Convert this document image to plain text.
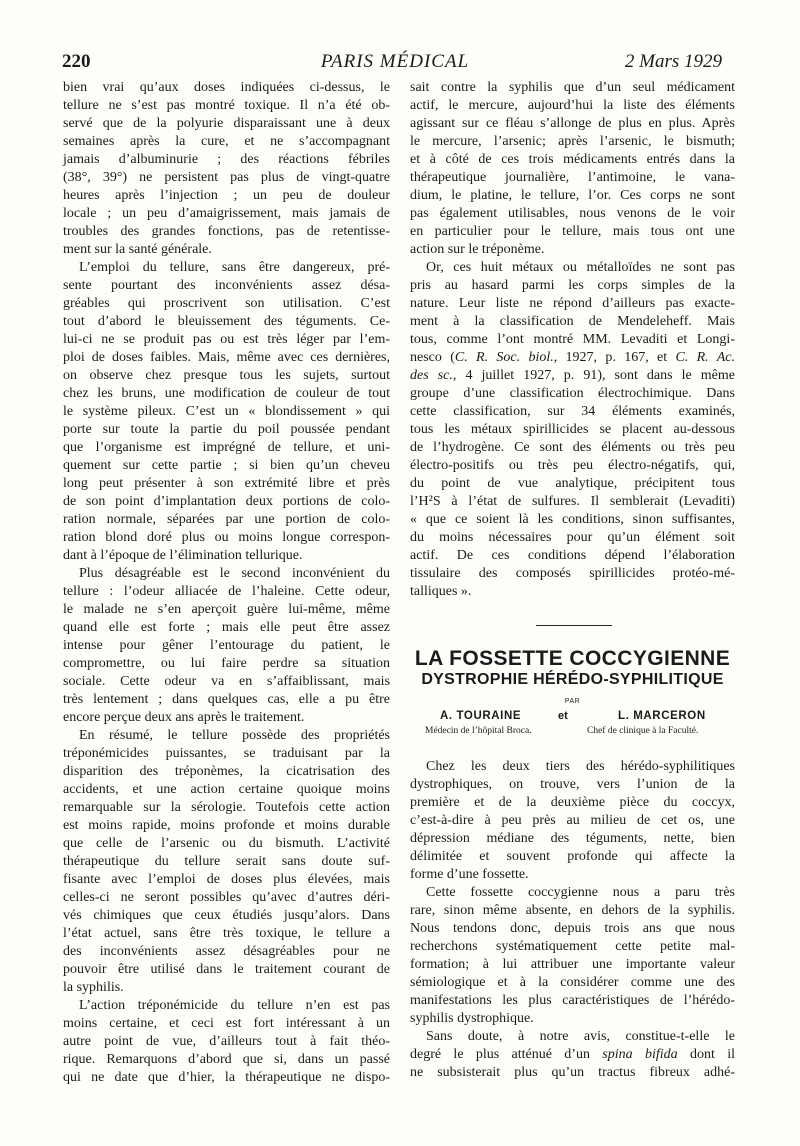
220	PARIS MÉDICAL	2 Mars 1929
bien vrai qu’aux doses indiquées ci-dessus, le
tellure ne s’est pas montré toxique. Il n’a été ob-
servé que de la polyurie disparaissant une à deux
semaines après la cure, et ne s’accompagnant
jamais d’albuminurie ; des réactions fébriles
(38°, 39°) ne persistent pas plus de vingt-quatre
heures après l’injection ; un peu de douleur
locale ; un peu d’amaigrissement, mais jamais de
troubles des grandes fonctions, pas de retentisse-
ment sur la santé générale.
L’emploi du tellure, sans être dangereux, pré-
sente pourtant des inconvénients assez désa-
gréables qui proscrivent son utilisation. C’est
tout d’abord le bleuissement des téguments. Ce-
lui-ci ne se produit pas ou est très léger par l’em-
ploi de doses faibles. Mais, même avec ces dernières,
on observe chez presque tous les sujets, surtout
chez les bruns, une modification de couleur de tout
le système pileux. C’est un « blondissement » qui
porte sur toute la partie du poil poussée pendant
que l’organisme est imprégné de tellure, et uni-
quement sur cette partie ; si bien qu’un cheveu
long peut présenter à son extrémité libre et près
de son point d’implantation deux portions de colo-
ration normale, séparées par une portion de colo-
ration blond doré plus ou moins longue correspon-
dant à l’époque de l’élimination tellurique.
Plus désagréable est le second inconvénient du
tellure : l’odeur alliacée de l’haleine. Cette odeur,
le malade ne s’en aperçoit guère lui-même, même
quand elle est forte ; mais elle peut être assez
intense pour gêner l’entourage du patient, le
compromettre, ou lui faire perdre sa situation
sociale. Cette odeur va en s’affaiblissant, mais
très lentement ; dans quelques cas, elle a pu être
encore perçue deux ans après le traitement.
En résumé, le tellure possède des propriétés
tréponémicides puissantes, se traduisant par la
disparition des tréponèmes, la cicatrisation des
accidents, et une action certaine quoique moins
remarquable sur la sérologie. Toutefois cette action
est moins rapide, moins profonde et moins durable
que celle de l’arsenic ou du bismuth. L’activité
thérapeutique du tellure serait sans doute suf-
fisante avec l’emploi de doses plus élevées, mais
celles-ci ne seront possibles qu’avec d’autres déri-
vés chimiques que ceux étudiés jusqu’alors. Dans
l’état actuel, sans être très toxique, le tellure a
des inconvénients assez désagréables pour ne
pouvoir être utilisé dans le traitement courant de
la syphilis.
L’action tréponémicide du tellure n’en est pas
moins certaine, et ceci est fort intéressant à un
autre point de vue, d’ailleurs tout à fait théo-
rique. Remarquons d’abord que si, dans un passé
qui ne date que d’hier, la thérapeutique ne dispo-
sait contre la syphilis que d’un seul médicament
actif, le mercure, aujourd’hui la liste des éléments
agissant sur ce fléau s’allonge de plus en plus. Après
le mercure, l’arsenic; après l’arsenic, le bismuth;
et à côté de ces trois médicaments entrés dans la
thérapeutique journalière, l’antimoine, le vana-
dium, le platine, le tellure, l’or. Ces corps ne sont
pas également utilisables, nous venons de le voir
en particulier pour le tellure, mais tous ont une
action sur le tréponème.
Or, ces huit métaux ou métalloïdes ne sont pas
pris au hasard parmi les corps simples de la
nature. Leur liste ne répond d’ailleurs pas exacte-
ment à la classification de Mendeleheff. Mais
tous, comme l’ont montré MM. Levaditi et Longi-
nesco (C. R. Soc. biol., 1927, p. 167, et C. R. Ac.
des sc., 4 juillet 1927, p. 91), sont dans le même
groupe d’une classification électrochimique. Dans
cette classification, sur 34 éléments examinés,
tous les métaux spirillicides se placent au-dessous
de l’hydrogène. Ce sont des éléments ou très peu
électro-positifs ou très peu électro-négatifs, qui,
du point de vue analytique, précipitent tous
l’H²S à l’état de sulfures. Il semblerait (Levaditi)
« que ce soient là les conditions, sinon suffisantes,
du moins nécessaires pour qu’un élément soit
actif. De ces conditions dépend l’élaboration
tissulaire des composés spirillicides protéo-mé-
talliques ».
LA FOSSETTE COCCYGIENNE
DYSTROPHIE HÉRÉDO-SYPHILITIQUE
PAR
A. TOURAINE	et	L. MARCERON
Médecin de l’hôpital Broca.	Chef de clinique à la Faculté.
Chez les deux tiers des hérédo-syphilitiques
dystrophiques, on trouve, vers l’union de la
première et de la deuxième pièce du coccyx,
c’est-à-dire à peu près au milieu de cet os, une
dépression médiane des téguments, nette, bien
délimitée et souvent profonde qui affecte la
forme d’une fossette.
Cette fossette coccygienne nous a paru très
rare, sinon même absente, en dehors de la syphilis.
Nous tendons donc, depuis trois ans que nous
recherchons systématiquement cette petite mal-
formation; à lui attribuer une importante valeur
sémiologique et à la considérer comme une des
manifestations les plus caractéristiques de l’hérédo-
syphilis dystrophique.
Sans doute, à notre avis, constitue-t-elle le
degré le plus atténué d’un spina bifida dont il
ne subsisterait plus qu’un tractus fibreux adhé-
